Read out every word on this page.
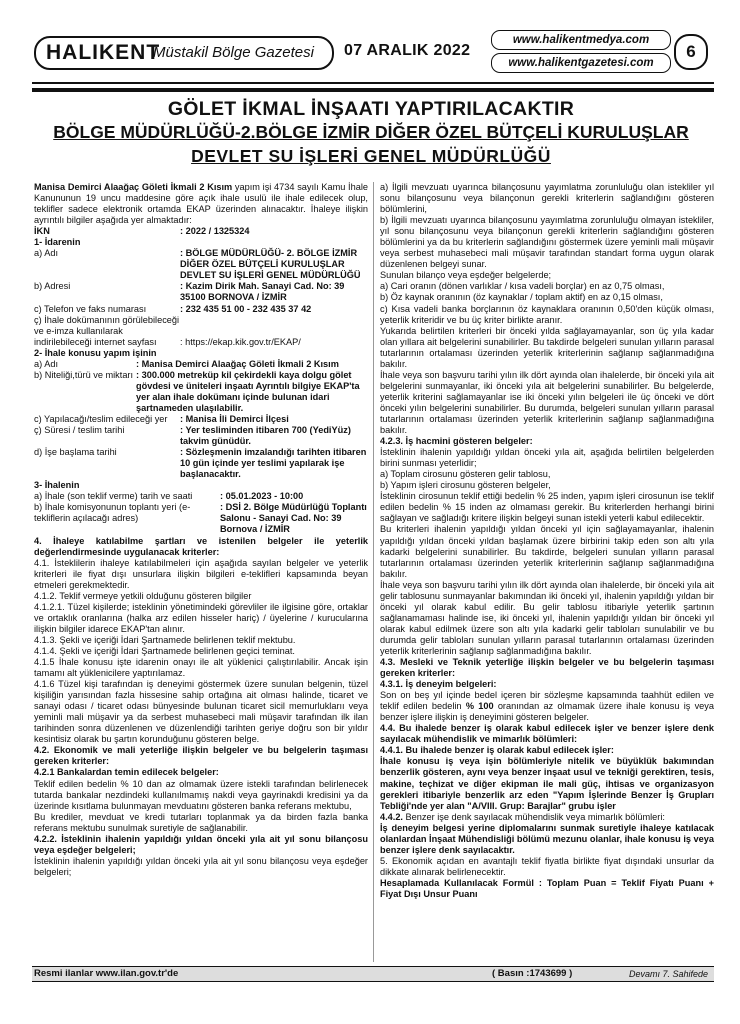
HALIKENT
Müstakil Bölge Gazetesi 07 ARALIK 2022
www.halikentmedya.com
www.halikentgazetesi.com
6
GÖLET İKMAL İNŞAATI YAPTIRILACAKTIR
BÖLGE MÜDÜRLÜĞÜ-2.BÖLGE İZMİR DİĞER ÖZEL BÜTÇELİ KURULUŞLAR
DEVLET SU İŞLERİ GENEL MÜDÜRLÜĞÜ

Manisa Demirci Alaağaç Göleti İkmali 2 Kısım yapım işi 4734 sayılı Kamu İhale Kanununun 19 uncu maddesine göre açık ihale usulü ile ihale edilecek olup, teklifler sadece elektronik ortamda EKAP üzerinden alınacaktır. İhaleye ilişkin ayrıntılı bilgiler aşağıda yer almaktadır:

İKN	: 2022 / 1325324

1- İdarenin

a) Adı	: BÖLGE MÜDÜRLÜĞÜ- 2. BÖLGE İZMİR DİĞER ÖZEL BÜTÇELİ KURULUŞLAR DEVLET SU İŞLERİ GENEL MÜDÜRLÜĞÜ
b) Adresi	: Kazim Dirik Mah. Sanayi Cad. No: 39 35100 BORNOVA / İZMİR
c) Telefon ve faks numarası	: 232 435 51 00 - 232 435 37 42
ç) İhale dokümanının görülebileceği ve e-imza kullanılarak indirilebileceği internet sayfası	: https://ekap.kik.gov.tr/EKAP/

2- İhale konusu yapım işinin

a) Adı	: Manisa Demirci Alaağaç Göleti İkmali 2 Kısım
b) Niteliği,türü ve miktarı : 300.000 metreküp kil çekirdekli kaya dolgu gölet gövdesi ve üniteleri inşaatı Ayrıntılı bilgiye EKAP'ta yer alan ihale dokümanı içinde bulunan idari şartnameden ulaşılabilir.
c) Yapılacağı/teslim edileceği yer	: Manisa İli Demirci İlçesi
ç) Süresi / teslim tarihi	: Yer tesliminden itibaren 700 (YediYüz) takvim günüdür.
d) İşe başlama tarihi	: Sözleşmenin imzalandığı tarihten itibaren 10 gün içinde yer teslimi yapılarak işe başlanacaktır.

3- İhalenin

a) İhale (son teklif verme) tarih ve saati	: 05.01.2023 - 10:00
b) İhale komisyonunun toplantı yeri (e-tekliflerin açılacağı adres)
: DSİ 2. Bölge Müdürlüğü Toplantı Salonu - Sanayi Cad. No: 39 Bornova / İZMİR

4. İhaleye katılabilme şartları ve istenilen belgeler ile yeterlik değerlendirmesinde uygulanacak kriterler:

4.1. İsteklilerin ihaleye katılabilmeleri için aşağıda sayılan belgeler ve yeterlik kriterleri ile fiyat dışı unsurlara ilişkin bilgileri e-teklifleri kapsamında beyan etmeleri gerekmektedir.

4.1.2. Teklif vermeye yetkili olduğunu gösteren bilgiler

4.1.2.1. Tüzel kişilerde; isteklinin yönetimindeki görevliler ile ilgisine göre, ortaklar ve ortaklık oranlarına (halka arz edilen hisseler hariç) / üyelerine / kurucularına ilişkin bilgiler idarece EKAP'tan alınır.

4.1.3. Şekli ve içeriği İdari Şartnamede belirlenen teklif mektubu.

4.1.4. Şekli ve içeriği İdari Şartnamede belirlenen geçici teminat.

4.1.5 İhale konusu işte idarenin onayı ile alt yüklenici çalıştırılabilir. Ancak işin tamamı alt yüklenicilere yaptırılamaz.

4.1.6 Tüzel kişi tarafından iş deneyimi göstermek üzere sunulan belgenin, tüzel kişiliğin yarısından fazla hissesine sahip ortağına ait olması halinde, ticaret ve sanayi odası / ticaret odası bünyesinde bulunan ticaret sicil memurluklarıı veya yeminli mali müşavir ya da serbest muhasebeci mali müşavir tarafından ilk ilan tarihinden sonra düzenlenen ve düzenlendiği tarihten geriye doğru son bir yıldır kesintisiz olarak bu şartın korunduğunu gösteren belge.

4.2. Ekonomik ve mali yeterliğe ilişkin belgeler ve bu belgelerin taşıması gereken kriterler:

4.2.1 Bankalardan temin edilecek belgeler:

Teklif edilen bedelin % 10 dan az olmamak üzere istekli tarafından belirlenecek tutarda bankalar nezdindeki kullanılmamış nakdi veya gayrinakdi kredisini ya da üzerinde kısıtlama bulunmayan mevduatını gösteren banka referans mektubu,

Bu krediler, mevduat ve kredi tutarları toplanmak ya da birden fazla banka referans mektubu sunulmak suretiyle de sağlanabilir.

4.2.2. İsteklinin ihalenin yapıldığı yıldan önceki yıla ait yıl sonu bilançosu veya eşdeğer belgeleri;

İsteklinin ihalenin yapıldığı yıldan önceki yıla ait yıl sonu bilançosu veya eşdeğer belgeleri;

a) İlgili mevzuatı uyarınca bilançosunu yayımlatma zorunluluğu olan istekliler yıl sonu bilançosunu veya bilançonun gerekli kriterlerin sağlandığını gösteren bölümlerini,

b) İlgili mevzuatı uyarınca bilançosunu yayımlatma zorunluluğu olmayan istekliler, yıl sonu bilançosunu veya bilançonun gerekli kriterlerin sağlandığını gösteren bölümlerini ya da bu kriterlerin sağlandığını göstermek üzere yeminli mali müşavir veya serbest muhasebeci mali müşavir tarafından standart forma uygun olarak düzenlenen belgeyi sunar.

Sunulan bilanço veya eşdeğer belgelerde;

a) Cari oranın (dönen varlıklar / kısa vadeli borçlar) en az 0,75 olması,

b) Öz kaynak oranının (öz kaynaklar / toplam aktif) en az 0,15 olması,

c) Kısa vadeli banka borçlarının öz kaynaklara oranının 0,50'den küçük olması, yeterlik kriteridir ve bu üç kriter birlikte aranır.

Yukarıda belirtilen kriterleri bir önceki yılda sağlayamayanlar, son üç yıla kadar olan yıllara ait belgelerini sunabilirler. Bu takdirde belgeleri sunulan yılların parasal tutarlarının ortalaması üzerinden yeterlik kriterlerinin sağlanıp sağlanmadığına bakılır.

İhale veya son başvuru tarihi yılın ilk dört ayında olan ihalelerde, bir önceki yıla ait belgelerini sunmayanlar, iki önceki yıla ait belgelerini sunabilirler. Bu belgelerde, yeterlik kriterini sağlamayanlar ise iki önceki yılın belgeleri ile üç önceki ve dört önceki yılın belgelerini sunabilirler. Bu durumda, belgeleri sunulan yılların parasal tutarlarının ortalaması üzerinden yeterlik kriterlerinin sağlanıp sağlanmadığına bakılır.

4.2.3. İş hacmini gösteren belgeler:

İsteklinin ihalenin yapıldığı yıldan önceki yıla ait, aşağıda belirtilen belgelerden birini sunması yeterlidir;

a) Toplam cirosunu gösteren gelir tablosu,

b) Yapım işleri cirosunu gösteren belgeler,

İsteklinin cirosunun teklif ettiği bedelin % 25 inden, yapım işleri cirosunun ise teklif edilen bedelin % 15 inden az olmaması gerekir. Bu kriterlerden herhangi birini sağlayan ve sağladığı kritere ilişkin belgeyi sunan istekli yeterli kabul edilecektir.

Bu kriterleri ihalenin yapıldığı yıldan önceki yıl için sağlayamayanlar, ihalenin yapıldığı yıldan önceki yıldan başlamak üzere birbirini takip eden son altı yıla kadarki belgelerini sunabilirler. Bu takdirde, belgeleri sunulan yılların parasal tutarlarının ortalaması üzerinden yeterlik kriterlerinin sağlanıp sağlanmadığına bakılır.

İhale veya son başvuru tarihi yılın ilk dört ayında olan ihalelerde, bir önceki yıla ait gelir tablosunu sunmayanlar bakımından iki önceki yıl, ihalenin yapıldığı yıldan bir önceki yıl olarak kabul edilir. Bu gelir tablosu itibariyle yeterlik şartının sağlanamaması halinde ise, iki önceki yıl, ihalenin yapıldığı yıldan bir önceki yıl olarak kabul edilmek üzere son altı yıla kadarki gelir tabloları sunulabilir ve bu durumda gelir tabloları sunulan yılların parasal tutarlarının ortalaması üzerinden yeterlik kriterlerinin sağlanıp sağlanmadığına bakılır.

4.3. Mesleki ve Teknik yeterliğe ilişkin belgeler ve bu belgelerin taşıması gereken kriterler:

4.3.1. İş deneyim belgeleri:

Son on beş yıl içinde bedel içeren bir sözleşme kapsamında taahhüt edilen ve teklif edilen bedelin % 100 oranından az olmamak üzere ihale konusu iş veya benzer işlere ilişkin iş deneyimini gösteren belgeler.

4.4. Bu ihalede benzer iş olarak kabul edilecek işler ve benzer işlere denk sayılacak mühendislik ve mimarlık bölümleri:

4.4.1. Bu ihalede benzer iş olarak kabul edilecek işler:

İhale konusu iş veya işin bölümleriyle nitelik ve büyüklük bakımından benzerlik gösteren, aynı veya benzer inşaat usul ve tekniği gerektiren, tesis, makine, teçhizat ve diğer ekipman ile mali güç, ihtisas ve organizasyon gerekleri itibariyle benzerlik arz eden "Yapım İşlerinde Benzer İş Grupları Tebliği'nde yer alan "A/VIII. Grup: Barajlar" grubu işler

4.4.2. Benzer işe denk sayılacak mühendislik veya mimarlık bölümleri:

İş deneyim belgesi yerine diplomalarını sunmak suretiyle ihaleye katılacak olanlardan İnşaat Mühendisliği bölümü mezunu olanlar, ihale konusu iş veya benzer işlere denk sayılacaktır.

5. Ekonomik açıdan en avantajlı teklif fiyatla birlikte fiyat dışındaki unsurlar da dikkate alınarak belirlenecektir.

Hesaplamada Kullanılacak Formül : Toplam Puan = Teklif Fiyatı Puanı + Fiyat Dışı Unsur Puanı

Resmi ilanlar www.ilan.gov.tr'de	( Basın :1743699 )	Devamı 7. Sahifede
